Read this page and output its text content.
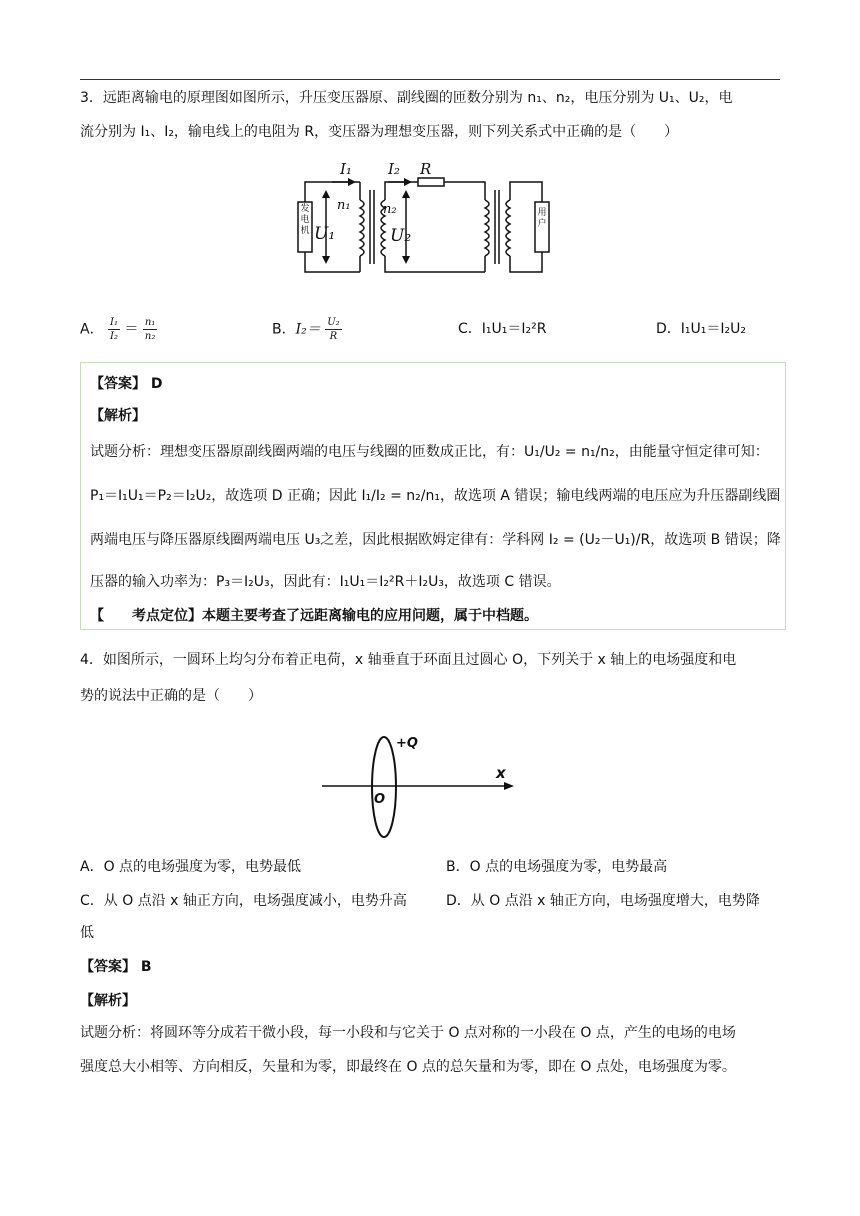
3．远距离输电的原理图如图所示，升压变压器原、副线圈的匝数分别为 n₁、n₂，电压分别为 U₁、U₂，电
流分别为 I₁、I₂，输电线上的电阻为 R，变压器为理想变压器，则下列关系式中正确的是（　　）
发电机
用户
I₁ I₂ R
n₁ n₂
U₁	U₂
A． $\frac{\text{I₁}}{\text{I₂}} = \frac{\text{n₁}}{\text{n₂}}$	B．$I_2= \frac{\text{U₂}}{R}$	C．I₁U₁＝I₂²R	D．I₁U₁＝I₂U₂
【答案】 D
【解析】
试题分析：理想变压器原副线圈两端的电压与线圈的匝数成正比，有：U₁/U₂ = n₁/n₂，由能量守恒定律可知：
P₁＝I₁U₁＝P₂＝I₂U₂，故选项 D 正确；因此 I₁/I₂ = n₂/n₁，故选项 A 错误；输电线两端的电压应为升压器副线圈
两端电压与降压器原线圈两端电压 U₃之差，因此根据欧姆定律有：学科网 I₂ = (U₂－U₁)/R，故选项 B 错误；降
压器的输入功率为：P₃＝I₂U₃，因此有：I₁U₁＝I₂²R＋I₂U₃，故选项 C 错误。
【　　考点定位】本题主要考查了远距离输电的应用问题，属于中档题。
4．如图所示，一圆环上均匀分布着正电荷，x 轴垂直于环面且过圆心 O，下列关于 x 轴上的电场强度和电
势的说法中正确的是（　　）
+Q
x
O
A．O 点的电场强度为零，电势最低	B．O 点的电场强度为零，电势最高
C．从 O 点沿 x 轴正方向，电场强度减小，电势升高	D．从 O 点沿 x 轴正方向，电场强度增大，电势降
低
【答案】 B
【解析】
试题分析：将圆环等分成若干微小段，每一小段和与它关于 O 点对称的一小段在 O 点，产生的电场的电场
强度总大小相等、方向相反，矢量和为零，即最终在 O 点的总矢量和为零，即在 O 点处，电场强度为零。
